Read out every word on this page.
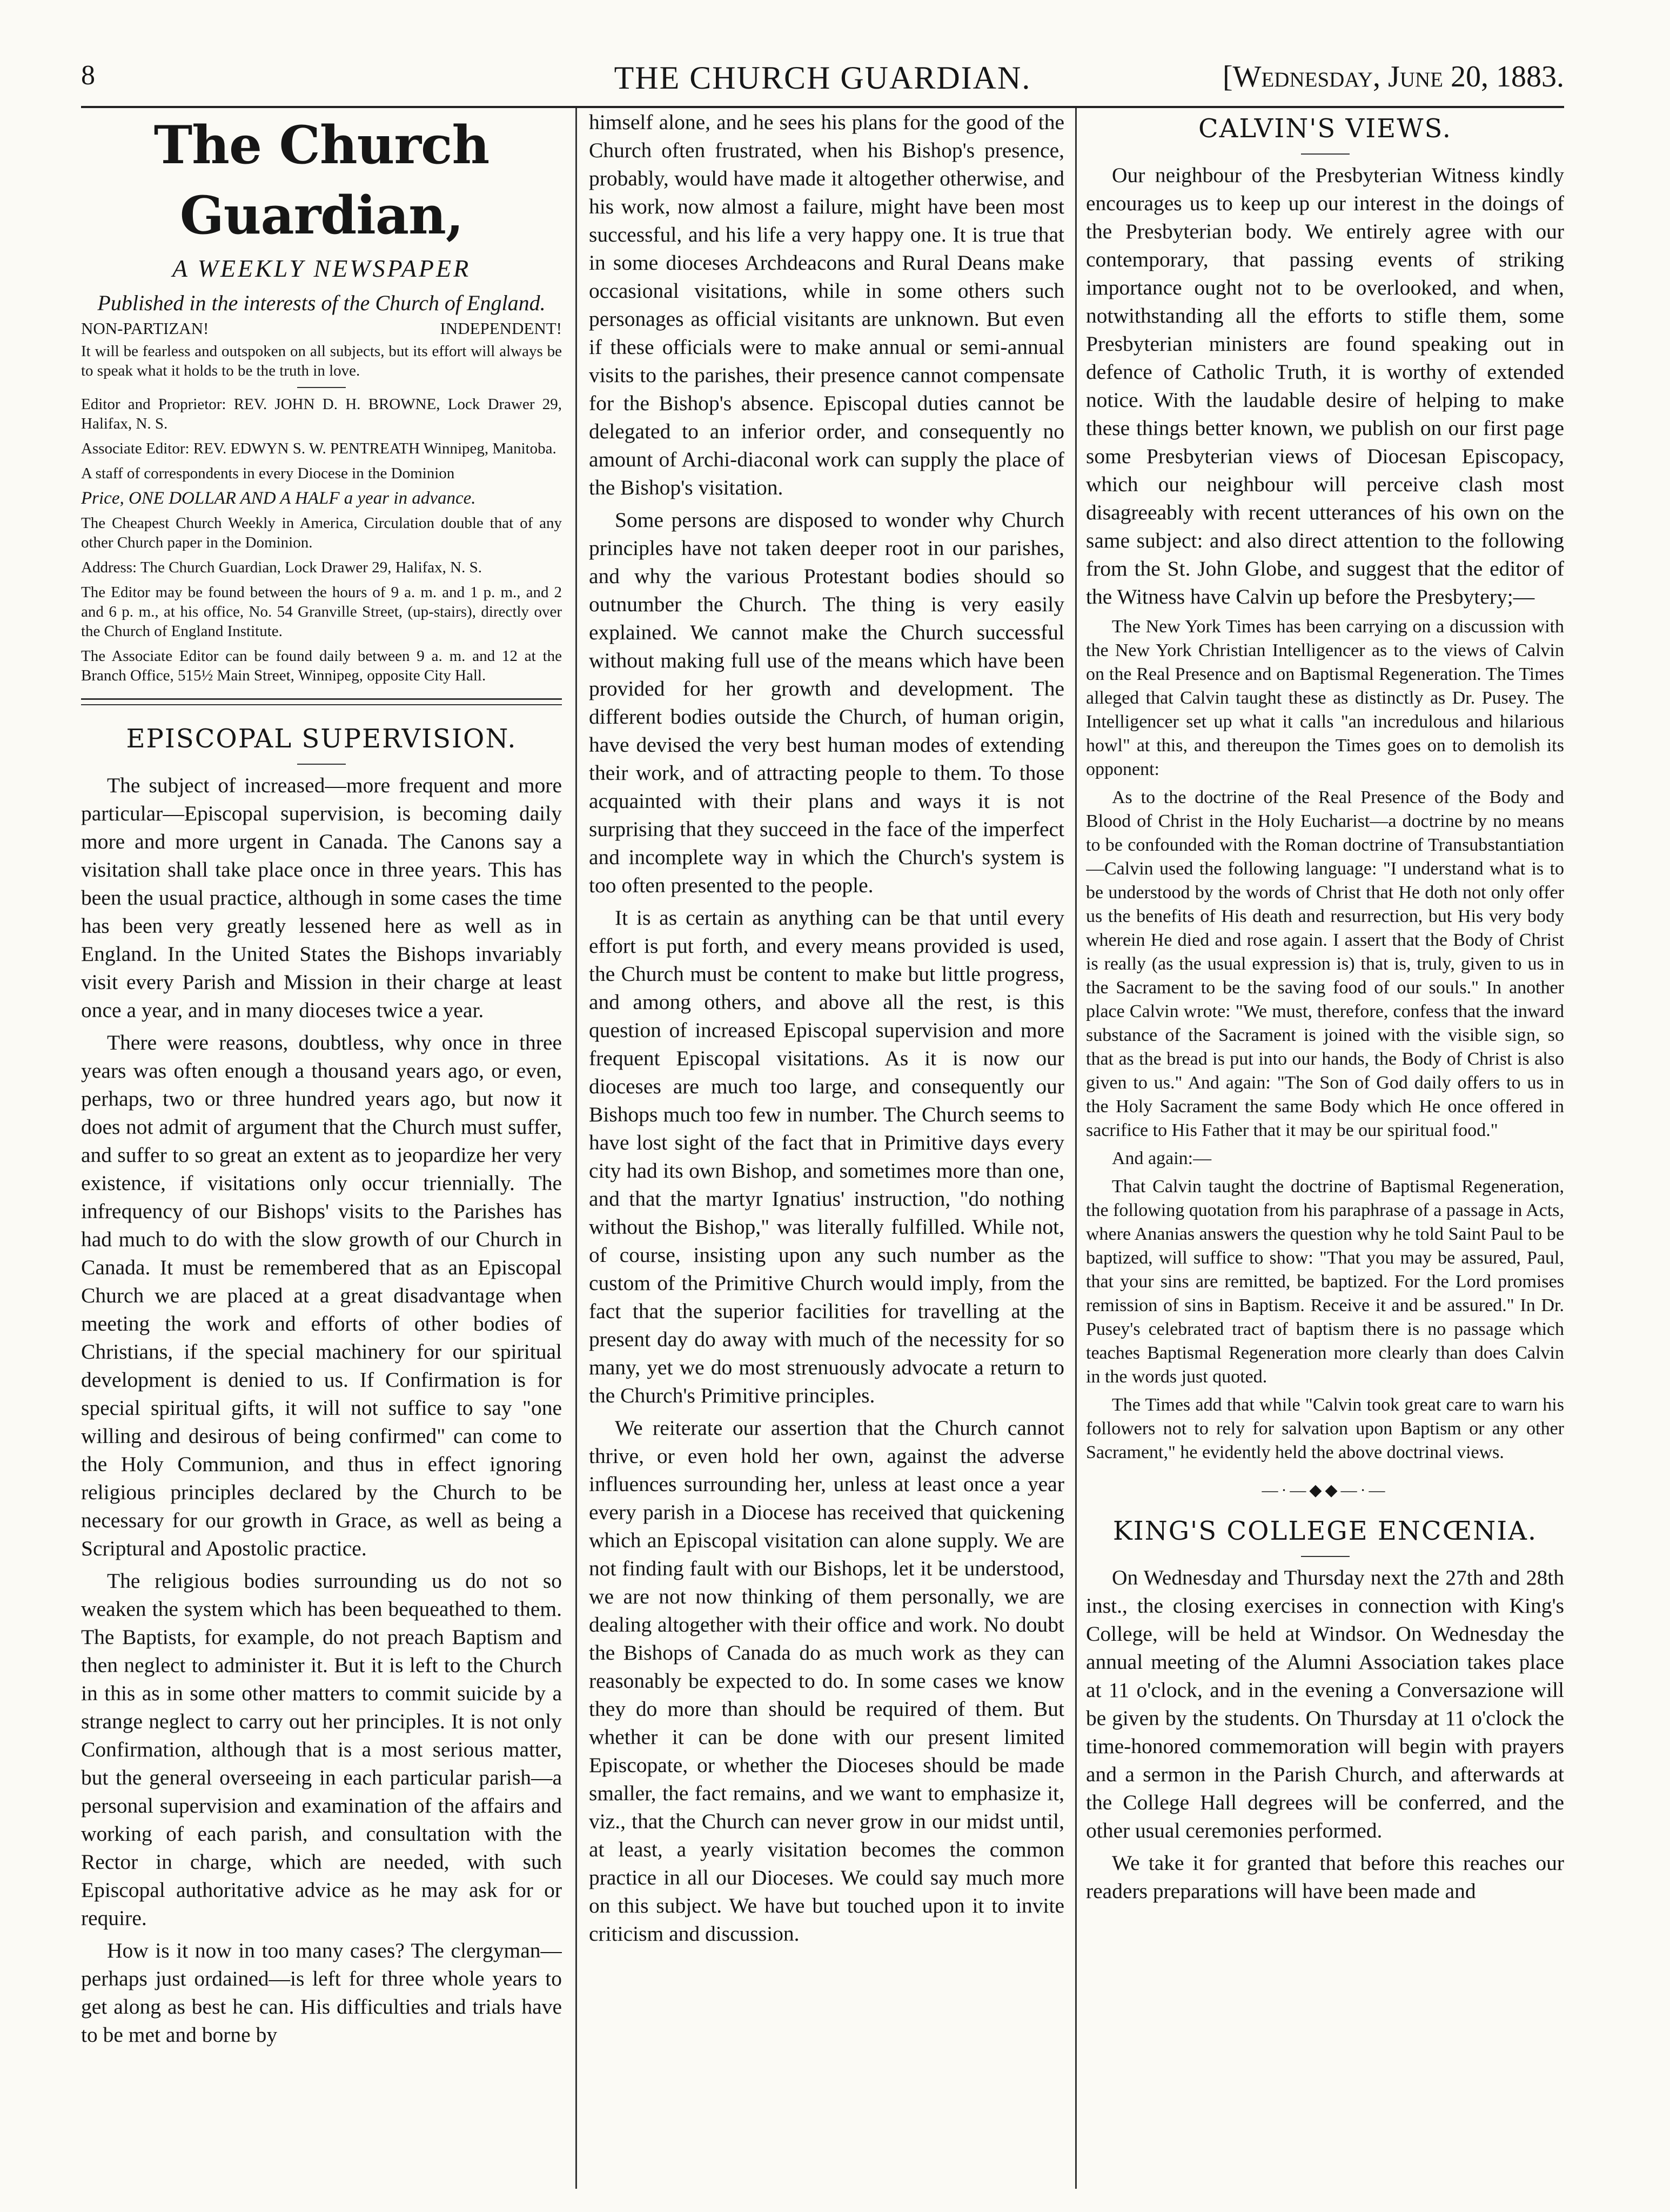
8	THE CHURCH GUARDIAN.	[Wednesday, June 20, 1883.
The Church Guardian,
A WEEKLY NEWSPAPER
Published in the interests of the Church of England.
NON-PARTIZAN!	INDEPENDENT!

It will be fearless and outspoken on all subjects, but its effort will always be to speak what it holds to be the truth in love.

Editor and Proprietor: REV. JOHN D. H. BROWNE, Lock Drawer 29, Halifax, N. S.

Associate Editor: REV. EDWYN S. W. PENTREATH Winnipeg, Manitoba.

A staff of correspondents in every Diocese in the Dominion

Price, ONE DOLLAR AND A HALF a year in advance.

The Cheapest Church Weekly in America, Circulation double that of any other Church paper in the Dominion.

Address: The Church Guardian, Lock Drawer 29, Halifax, N. S.

The Editor may be found between the hours of 9 a. m. and 1 p. m., and 2 and 6 p. m., at his office, No. 54 Granville Street, (up-stairs), directly over the Church of England Institute.

The Associate Editor can be found daily between 9 a. m. and 12 at the Branch Office, 515½ Main Street, Winnipeg, opposite City Hall.

EPISCOPAL SUPERVISION.

The subject of increased—more frequent and more particular—Episcopal supervision, is becoming daily more and more urgent in Canada. The Canons say a visitation shall take place once in three years. This has been the usual practice, although in some cases the time has been very greatly lessened here as well as in England. In the United States the Bishops invariably visit every Parish and Mission in their charge at least once a year, and in many dioceses twice a year.

There were reasons, doubtless, why once in three years was often enough a thousand years ago, or even, perhaps, two or three hundred years ago, but now it does not admit of argument that the Church must suffer, and suffer to so great an extent as to jeopardize her very existence, if visitations only occur triennially. The infrequency of our Bishops' visits to the Parishes has had much to do with the slow growth of our Church in Canada. It must be remembered that as an Episcopal Church we are placed at a great disadvantage when meeting the work and efforts of other bodies of Christians, if the special machinery for our spiritual development is denied to us. If Confirmation is for special spiritual gifts, it will not suffice to say "one willing and desirous of being confirmed" can come to the Holy Communion, and thus in effect ignoring religious principles declared by the Church to be necessary for our growth in Grace, as well as being a Scriptural and Apostolic practice.

The religious bodies surrounding us do not so weaken the system which has been bequeathed to them. The Baptists, for example, do not preach Baptism and then neglect to administer it. But it is left to the Church in this as in some other matters to commit suicide by a strange neglect to carry out her principles. It is not only Confirmation, although that is a most serious matter, but the general overseeing in each particular parish—a personal supervision and examination of the affairs and working of each parish, and consultation with the Rector in charge, which are needed, with such Episcopal authoritative advice as he may ask for or require.

How is it now in too many cases? The clergyman—perhaps just ordained—is left for three whole years to get along as best he can. His difficulties and trials have to be met and borne by

himself alone, and he sees his plans for the good of the Church often frustrated, when his Bishop's presence, probably, would have made it altogether otherwise, and his work, now almost a failure, might have been most successful, and his life a very happy one. It is true that in some dioceses Archdeacons and Rural Deans make occasional visitations, while in some others such personages as official visitants are unknown. But even if these officials were to make annual or semi-annual visits to the parishes, their presence cannot compensate for the Bishop's absence. Episcopal duties cannot be delegated to an inferior order, and consequently no amount of Archi-diaconal work can supply the place of the Bishop's visitation.

Some persons are disposed to wonder why Church principles have not taken deeper root in our parishes, and why the various Protestant bodies should so outnumber the Church. The thing is very easily explained. We cannot make the Church successful without making full use of the means which have been provided for her growth and development. The different bodies outside the Church, of human origin, have devised the very best human modes of extending their work, and of attracting people to them. To those acquainted with their plans and ways it is not surprising that they succeed in the face of the imperfect and incomplete way in which the Church's system is too often presented to the people.

It is as certain as anything can be that until every effort is put forth, and every means provided is used, the Church must be content to make but little progress, and among others, and above all the rest, is this question of increased Episcopal supervision and more frequent Episcopal visitations. As it is now our dioceses are much too large, and consequently our Bishops much too few in number. The Church seems to have lost sight of the fact that in Primitive days every city had its own Bishop, and sometimes more than one, and that the martyr Ignatius' instruction, "do nothing without the Bishop," was literally fulfilled. While not, of course, insisting upon any such number as the custom of the Primitive Church would imply, from the fact that the superior facilities for travelling at the present day do away with much of the necessity for so many, yet we do most strenuously advocate a return to the Church's Primitive principles.

We reiterate our assertion that the Church cannot thrive, or even hold her own, against the adverse influences surrounding her, unless at least once a year every parish in a Diocese has received that quickening which an Episcopal visitation can alone supply. We are not finding fault with our Bishops, let it be understood, we are not now thinking of them personally, we are dealing altogether with their office and work. No doubt the Bishops of Canada do as much work as they can reasonably be expected to do. In some cases we know they do more than should be required of them. But whether it can be done with our present limited Episcopate, or whether the Dioceses should be made smaller, the fact remains, and we want to emphasize it, viz., that the Church can never grow in our midst until, at least, a yearly visitation becomes the common practice in all our Dioceses. We could say much more on this subject. We have but touched upon it to invite criticism and discussion.

CALVIN'S VIEWS.

Our neighbour of the Presbyterian Witness kindly encourages us to keep up our interest in the doings of the Presbyterian body. We entirely agree with our contemporary, that passing events of striking importance ought not to be overlooked, and when, notwithstanding all the efforts to stifle them, some Presbyterian ministers are found speaking out in defence of Catholic Truth, it is worthy of extended notice. With the laudable desire of helping to make these things better known, we publish on our first page some Presbyterian views of Diocesan Episcopacy, which our neighbour will perceive clash most disagreeably with recent utterances of his own on the same subject: and also direct attention to the following from the St. John Globe, and suggest that the editor of the Witness have Calvin up before the Presbytery;—

The New York Times has been carrying on a discussion with the New York Christian Intelligencer as to the views of Calvin on the Real Presence and on Baptismal Regeneration. The Times alleged that Calvin taught these as distinctly as Dr. Pusey. The Intelligencer set up what it calls "an incredulous and hilarious howl" at this, and thereupon the Times goes on to demolish its opponent:

As to the doctrine of the Real Presence of the Body and Blood of Christ in the Holy Eucharist—a doctrine by no means to be confounded with the Roman doctrine of Transubstantiation—Calvin used the following language: "I understand what is to be understood by the words of Christ that He doth not only offer us the benefits of His death and resurrection, but His very body wherein He died and rose again. I assert that the Body of Christ is really (as the usual expression is) that is, truly, given to us in the Sacrament to be the saving food of our souls." In another place Calvin wrote: "We must, therefore, confess that the inward substance of the Sacrament is joined with the visible sign, so that as the bread is put into our hands, the Body of Christ is also given to us." And again: "The Son of God daily offers to us in the Holy Sacrament the same Body which He once offered in sacrifice to His Father that it may be our spiritual food."

And again:—

That Calvin taught the doctrine of Baptismal Regeneration, the following quotation from his paraphrase of a passage in Acts, where Ananias answers the question why he told Saint Paul to be baptized, will suffice to show: "That you may be assured, Paul, that your sins are remitted, be baptized. For the Lord promises remission of sins in Baptism. Receive it and be assured." In Dr. Pusey's celebrated tract of baptism there is no passage which teaches Baptismal Regeneration more clearly than does Calvin in the words just quoted.

The Times add that while "Calvin took great care to warn his followers not to rely for salvation upon Baptism or any other Sacrament," he evidently held the above doctrinal views.

—·—◆◆—·—
KING'S COLLEGE ENCŒNIA.

On Wednesday and Thursday next the 27th and 28th inst., the closing exercises in connection with King's College, will be held at Windsor. On Wednesday the annual meeting of the Alumni Association takes place at 11 o'clock, and in the evening a Conversazione will be given by the students. On Thursday at 11 o'clock the time-honored commemoration will begin with prayers and a sermon in the Parish Church, and afterwards at the College Hall degrees will be conferred, and the other usual ceremonies performed.

We take it for granted that before this reaches our readers preparations will have been made and
